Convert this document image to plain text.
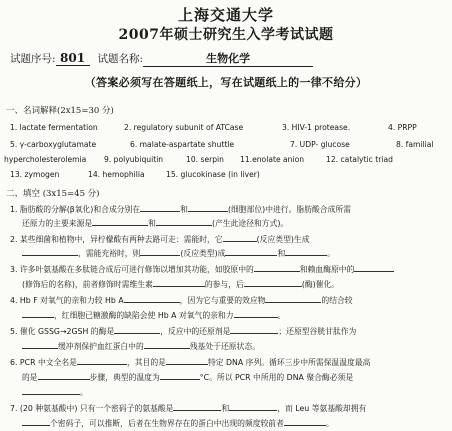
上海交通大学
2007年硕士研究生入学考试试题
试题序号: 801 试题名称:	生物化学
（答案必须写在答题纸上，写在试题纸上的一律不给分）
一、名词解释(2x15=30 分)
1. lactate fermentation	2. regulatory subunit of ATCase	3. HIV-1 protease.	4. PRPP
5. γ-carboxyglutamate	6. malate-aspartate shuttle	7. UDP- glucose	8. familial
hypercholesterolemia 9. polyubiquitin	10. serpin 11.enolate anion	12. catalytic triad
13. zymogen	14. hemophilia	15. glucokinase (in liver)
二、填空 (3x15=45 分)
1. 脂肪酸的分解(β氧化)和合成分别在	和	(细胞部位)中进行。脂肪酸合成所需
还原力的主要来源是	和	(产生此途径和方式)。
2. 某些细菌和植物中，异柠檬酸有两种去路可走：需能时，它	(反应类型)生成
，需能充裕时，则	(反应类型)成	和	。
3. 许多叶氨基酸在多肽链合成后可进行修饰以增加其功能，如胶原中的	和赖血酶原中的
(修饰后的名称)，前者修饰时需维生素	的参与，后	(酶)催化。
4. Hb F 对氧气的亲和力较 Hb A	，因为它与重要的效应物	的结合较
，红细胞已糖激酶的缺陷会使 Hb A 对氧气的亲和力	。
5. 催化 GSSG→2GSH 的酶是	，反应中的还原剂是	；还原型谷胱甘肽作为
缓冲剂保护血红蛋白中的	残基处于还原状态。
6. PCR 中文全名是	，其目的是	特定 DNA 序列。循环三步中所需保温温度最高
的是	步骤，典型的温度为	°C。所以 PCR 中所用的 DNA 聚合酶必须是
。
7. (20 种氨基酸中) 只有一个密码子的氨基酸是	和	，而 Leu 等氨基酸却拥有
个密码子，可以推断，后者在生物界存在的蛋白中出现的频度较前者	。
